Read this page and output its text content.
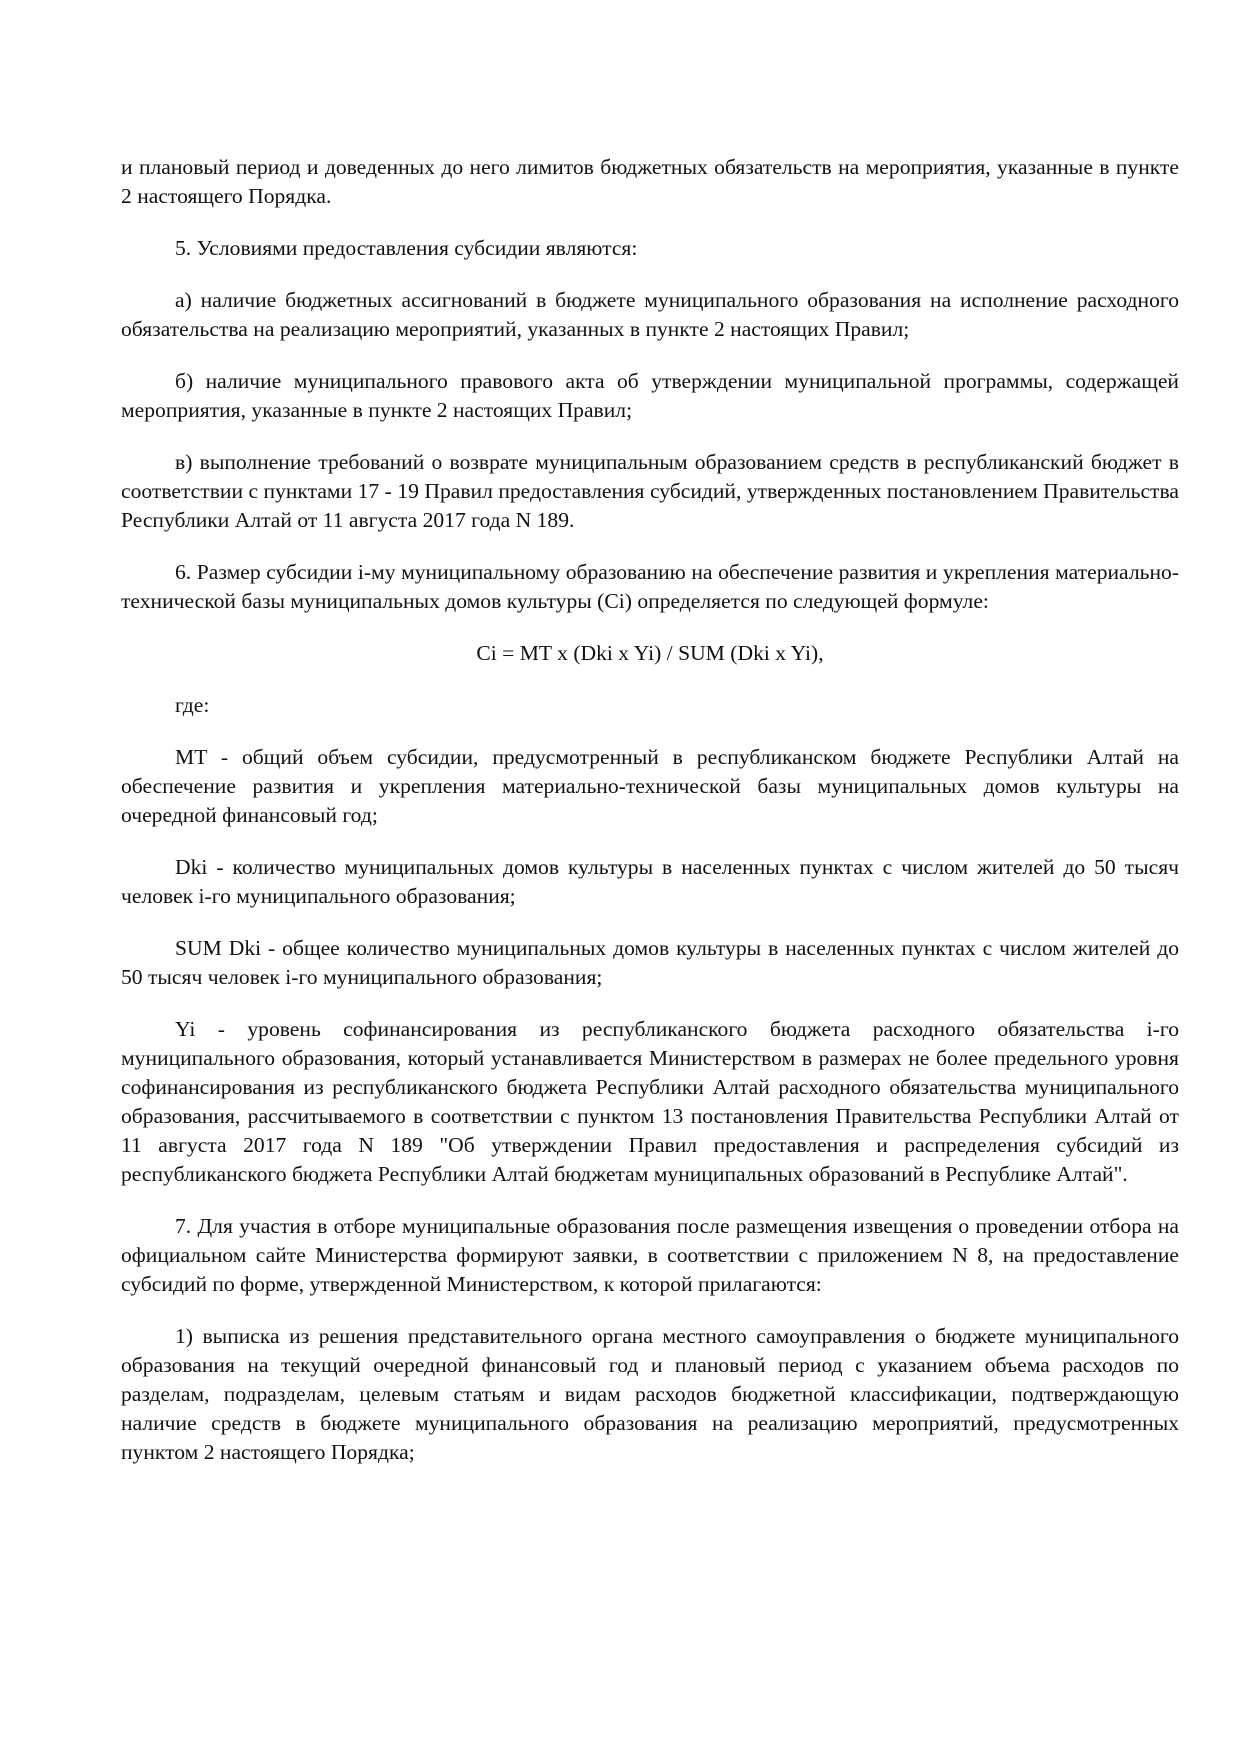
и плановый период и доведенных до него лимитов бюджетных обязательств на мероприятия, указанные в пункте 2 настоящего Порядка.

5. Условиями предоставления субсидии являются:

а) наличие бюджетных ассигнований в бюджете муниципального образования на исполнение расходного обязательства на реализацию мероприятий, указанных в пункте 2 настоящих Правил;

б) наличие муниципального правового акта об утверждении муниципальной программы, содержащей мероприятия, указанные в пункте 2 настоящих Правил;

в) выполнение требований о возврате муниципальным образованием средств в республиканский бюджет в соответствии с пунктами 17 - 19 Правил предоставления субсидий, утвержденных постановлением Правительства Республики Алтай от 11 августа 2017 года N 189.

6. Размер субсидии i-му муниципальному образованию на обеспечение развития и укрепления материально-технической базы муниципальных домов культуры (Ci) определяется по следующей формуле:

Ci = MT x (Dki x Yi) / SUM (Dki x Yi),

где:

MT - общий объем субсидии, предусмотренный в республиканском бюджете Республики Алтай на обеспечение развития и укрепления материально-технической базы муниципальных домов культуры на очередной финансовый год;

Dki - количество муниципальных домов культуры в населенных пунктах с числом жителей до 50 тысяч человек i-го муниципального образования;

SUM Dki - общее количество муниципальных домов культуры в населенных пунктах с числом жителей до 50 тысяч человек i-го муниципального образования;

Yi - уровень софинансирования из республиканского бюджета расходного обязательства i-го муниципального образования, который устанавливается Министерством в размерах не более предельного уровня софинансирования из республиканского бюджета Республики Алтай расходного обязательства муниципального образования, рассчитываемого в соответствии с пунктом 13 постановления Правительства Республики Алтай от 11 августа 2017 года N 189 "Об утверждении Правил предоставления и распределения субсидий из республиканского бюджета Республики Алтай бюджетам муниципальных образований в Республике Алтай".

7. Для участия в отборе муниципальные образования после размещения извещения о проведении отбора на официальном сайте Министерства формируют заявки, в соответствии с приложением N 8, на предоставление субсидий по форме, утвержденной Министерством, к которой прилагаются:

1) выписка из решения представительного органа местного самоуправления о бюджете муниципального образования на текущий очередной финансовый год и плановый период с указанием объема расходов по разделам, подразделам, целевым статьям и видам расходов бюджетной классификации, подтверждающую наличие средств в бюджете муниципального образования на реализацию мероприятий, предусмотренных пунктом 2 настоящего Порядка;
